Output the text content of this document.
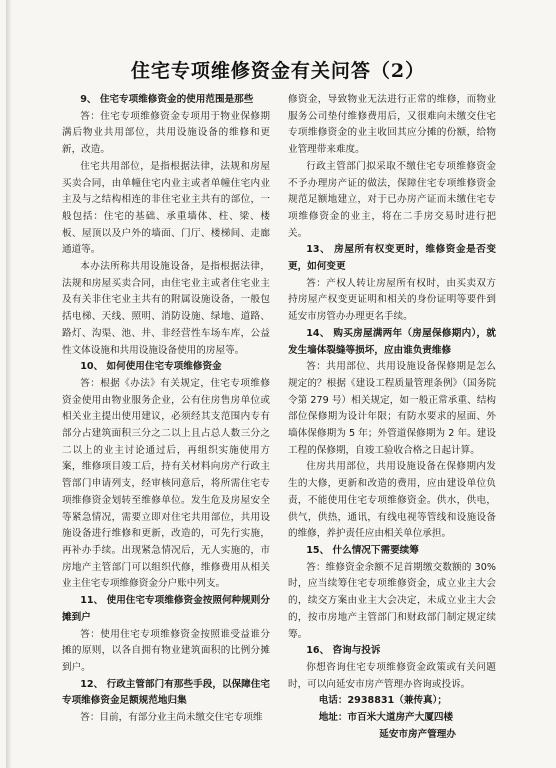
住宅专项维修资金有关问答（2）

9、 住宅专项维修资金的使用范围是那些

答：住宅专项维修资金专项用于物业保修期满后物业共用部位，共用设施设备的维修和更新，改造。

住宅共用部位，是指根据法律，法规和房屋买卖合同，由单幢住宅内业主或者单幢住宅内业主及与之结构相连的非住宅业主共有的部位，一般包括：住宅的基础、承重墙体、柱、梁、楼板、屋顶以及户外的墙面、门厅、楼梯间、走廊通道等。

本办法所称共用设施设备，是指根据法律，法规和房屋买卖合同，由住宅业主或者住宅业主及有关非住宅业主共有的附属设施设备，一般包括电梯、天线、照明、消防设施、绿地、道路、路灯、沟渠、池、井、非经营性车场车库，公益性文体设施和共用设施设备使用的房屋等。

10、 如何使用住宅专项维修资金

答：根据《办法》有关规定，住宅专项维修资金使用由物业服务企业，公有住房售房单位或相关业主提出使用建议，必须经其支范围内专有部分占建筑面积三分之二以上且占总人数三分之二以上的业主讨论通过后，再组织实施使用方案，维修项目竣工后，持有关材料向房产行政主管部门申请列支，经审核同意后，将所需住宅专项维修资金划转至维修单位。发生危及房屋安全等紧急情况，需要立即对住宅共用部位，共用设施设备进行维修和更新，改造的，可先行实施，再补办手续。出现紧急情况后，无人实施的，市房地产主管部门可以组织代修，维修费用从相关业主住宅专项维修资金分户账中列支。

11、 使用住宅专项维修资金按照何种规则分摊到户

答：使用住宅专项维修资金按照谁受益谁分摊的原则，以各自拥有物业建筑面积的比例分摊到户。

12、 行政主管部门有那些手段，以保障住宅专项维修资金足额规范地归集

答：目前，有部分业主尚未缴交住宅专项维

修资金，导致物业无法进行正常的维修，而物业服务公司垫付维修费用后，又很难向未缴交住宅专项维修资金的业主收回其应分摊的份额，给物业管理带来难度。

行政主管部门拟采取不缴住宅专项维修资金不予办理房产证的做法，保障住宅专项维修资金规范足额地建立，对于已办房产证而未缴住宅专项维修资金的业主，将在二手房交易时进行把关。

13、 房屋所有权变更时，维修资金是否变更，如何变更

答：产权人转让房屋所有权时，由买卖双方持房屋产权变更证明和相关的身份证明等要件到延安市房管办办理更名手续。

14、 购买房屋满两年（房屋保修期内），就发生墙体裂缝等损坏，应由谁负责维修

答：共用部位、共用设施设备保修期是怎么规定的？根据《建设工程质量管理条例》（国务院令第 279 号）相关规定，如一般正常承重、结构部位保修期为设计年限；有防水要求的屋面、外墙体保修期为 5 年；外管道保修期为 2 年。建设工程的保修期，自竣工验收合格之日起计算。

住房共用部位，共用设施设备在保修期内发生的大修，更新和改造的费用，应由建设单位负责，不能使用住宅专项维修资金。供水，供电，供气，供热，通讯，有线电视等管线和设施设备的维修，养护责任应由相关单位承担。

15、 什么情况下需要续筹

答：维修资金余额不足首期缴交数额的 30% 时，应当续筹住宅专项维修资金，成立业主大会的，续交方案由业主大会决定，未成立业主大会的，按市房地产主管部门和财政部门制定规定续筹。

16、 咨询与投诉

你想咨询住宅专项维修资金政策或有关问题时，可以向延安市房产管理办咨询或投诉。

电话：2938831（兼传真）；

地址：市百米大道房产大厦四楼

延安市房产管理办
